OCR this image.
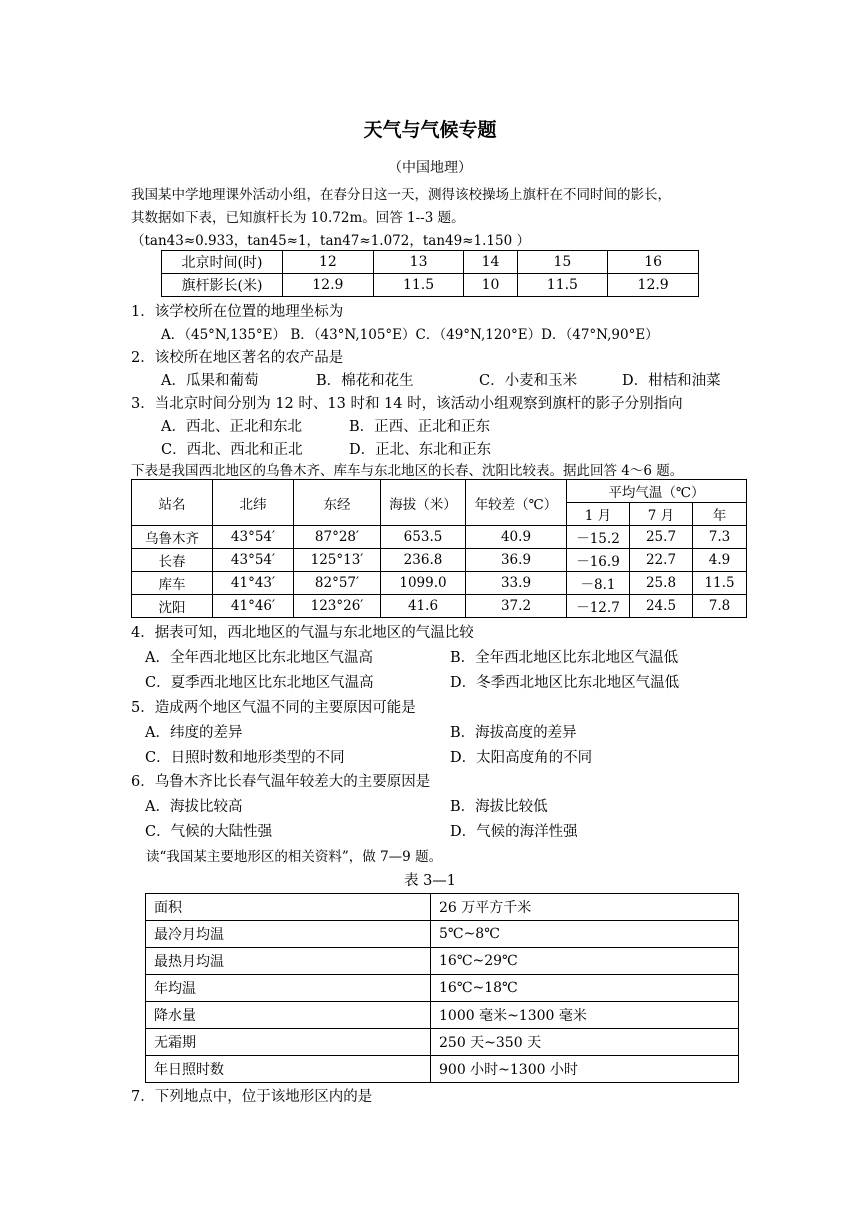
天气与气候专题
（中国地理）
我国某中学地理课外活动小组，在春分日这一天，测得该校操场上旗杆在不同时间的影长，
其数据如下表，已知旗杆长为 10.72m。回答 1--3 题。
（tan43≈0.933，tan45≈1，tan47≈1.072，tan49≈1.150 ）
北京时间(时)	12	13	14	15	16
旗杆影长(米)	12.9	11.5	10	11.5	12.9
1．该学校所在位置的地理坐标为
A．（45°N,135°E） B．（43°N,105°E）C．（49°N,120°E）D．（47°N,90°E）
2．该校所在地区著名的农产品是
A．瓜果和葡萄	B．棉花和花生	C．小麦和玉米	D．柑桔和油菜
3．当北京时间分别为 12 时、13 时和 14 时，该活动小组观察到旗杆的影子分别指向
A．西北、正北和东北	B．正西、正北和正东
C．西北、西北和正北	D．正北、东北和正东
下表是我国西北地区的乌鲁木齐、库车与东北地区的长春、沈阳比较表。据此回答 4～6 题。
站名	北纬	东经	海拔（米）	年较差（℃）	平均气温（℃）		
					1 月	7 月	年
乌鲁木齐	43°54′	87°28′	653.5	40.9	－15.2	25.7	7.3
长春	43°54′	125°13′	236.8	36.9	－16.9	22.7	4.9
库车	41°43′	82°57′	1099.0	33.9	－8.1	25.8	11.5
沈阳	41°46′	123°26′	41.6	37.2	－12.7	24.5	7.8
4．据表可知，西北地区的气温与东北地区的气温比较
A．全年西北地区比东北地区气温高	B．全年西北地区比东北地区气温低
C．夏季西北地区比东北地区气温高	D．冬季西北地区比东北地区气温低
5．造成两个地区气温不同的主要原因可能是
A．纬度的差异	B．海拔高度的差异
C．日照时数和地形类型的不同	D．太阳高度角的不同
6．乌鲁木齐比长春气温年较差大的主要原因是
A．海拔比较高	B．海拔比较低
C．气候的大陆性强	D．气候的海洋性强
读“我国某主要地形区的相关资料”，做 7—9 题。
表 3—1
面积	26 万平方千米
最冷月均温	5℃~8℃
最热月均温	16℃~29℃
年均温	16℃~18℃
降水量	1000 毫米~1300 毫米
无霜期	250 天~350 天
年日照时数	900 小时~1300 小时
7．下列地点中，位于该地形区内的是
